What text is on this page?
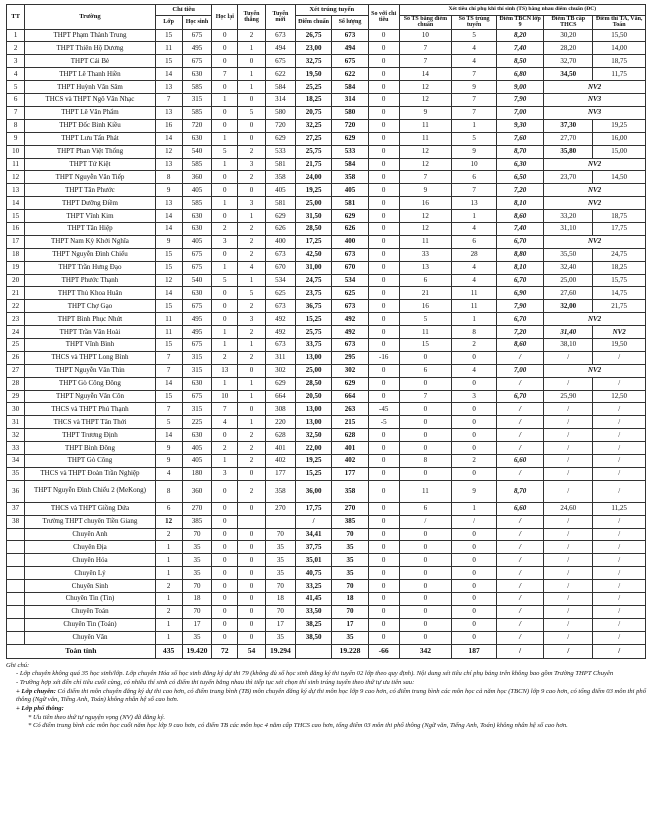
TT	Trường	Chỉ tiêu		Học lại	Tuyển thẳng	Tuyển mới	Xét trúng tuyển		So với chỉ tiêu	Xét tiêu chí phụ khi thí sinh (TS) bằng nhau điểm chuẩn (ĐC)				
		Lớp	Học sinh				Điểm chuẩn	Số lượng		Số TS bằng điểm chuẩn	Số TS trúng tuyển	Điểm TBCN lớp 9	Điểm TB cấp THCS	Điểm thi TA, Văn, Toán
1	THPT Phạm Thành Trung	15	675	0	2	673	26,75	673	0	10	5	8,20	30,20	15,50
2	THPT Thiên Hộ Dương	11	495	0	1	494	23,00	494	0	7	4	7,40	28,20	14,00
3	THPT Cái Bè	15	675	0	0	675	32,75	675	0	7	4	8,50	32,70	18,75
4	THPT Lê Thanh Hiền	14	630	7	1	622	19,50	622	0	14	7	6,80	34,50	11,75
5	THPT Huỳnh Văn Sâm	13	585	0	1	584	25,25	584	0	12	9	9,00	NV2	
6	THCS và THPT Ngô Văn Nhạc	7	315	1	0	314	18,25	314	0	12	7	7,90	NV3	
7	THPT Lê Văn Phẩm	13	585	0	5	580	20,75	580	0	9	7	7,00	NV3	
8	THPT Đốc Binh Kiều	16	720	0	0	720	32,25	720	0	11	1	9,30	37,30	19,25
9	THPT Lưu Tấn Phát	14	630	1	0	629	27,25	629	0	11	5	7,60	27,70	16,00
10	THPT Phan Việt Thống	12	540	5	2	533	25,75	533	0	12	9	8,70	35,80	15,00
11	THPT Tứ Kiệt	13	585	1	3	581	21,75	584	0	12	10	6,30	NV2	
12	THPT Nguyễn Văn Tiếp	8	360	0	2	358	24,00	358	0	7	6	6,50	23,70	14,50
13	THPT Tân Phước	9	405	0	0	405	19,25	405	0	9	7	7,20	NV2	
14	THPT Dưỡng Điềm	13	585	1	3	581	25,00	581	0	16	13	8,10	NV2	
15	THPT Vĩnh Kim	14	630	0	1	629	31,50	629	0	12	1	8,60	33,20	18,75
16	THPT Tân Hiệp	14	630	2	2	626	28,50	626	0	12	4	7,40	31,10	17,75
17	THPT Nam Kỳ Khởi Nghĩa	9	405	3	2	400	17,25	400	0	11	6	6,70	NV2	
18	THPT Nguyễn Đình Chiểu	15	675	0	2	673	42,50	673	0	33	28	8,80	35,50	24,75
19	THPT Trần Hưng Đạo	15	675	1	4	670	31,00	670	0	13	4	8,10	32,40	18,25
20	THPT Phước Thạnh	12	540	5	1	534	24,75	534	0	6	4	6,70	25,00	15,75
21	THPT Thủ Khoa Huân	14	630	0	5	625	23,75	625	0	21	11	6,90	27,60	14,75
22	THPT Chợ Gạo	15	675	0	2	673	36,75	673	0	16	11	7,90	32,00	21,75
23	THPT Bình Phục Nhứt	11	495	0	3	492	15,25	492	0	5	1	6,70	NV2	
24	THPT Trần Văn Hoài	11	495	1	2	492	25,75	492	0	11	8	7,20	31,40	NV2
25	THPT Vĩnh Bình	15	675	1	1	673	33,75	673	0	15	2	8,60	38,10	19,50
26	THCS và THPT Long Bình	7	315	2	2	311	13,00	295	-16	0	0	/	/	/
27	THPT Nguyễn Văn Thìn	7	315	13	0	302	25,00	302	0	6	4	7,00	NV2	
28	THPT Gò Công Đông	14	630	1	1	629	28,50	629	0	0	0	/	/	/
29	THPT Nguyễn Văn Côn	15	675	10	1	664	20,50	664	0	7	3	6,70	25,90	12,50
30	THCS và THPT Phú Thạnh	7	315	7	0	308	13,00	263	-45	0	0	/	/	/
31	THCS và THPT Tân Thới	5	225	4	1	220	13,00	215	-5	0	0	/	/	/
32	THPT Trương Định	14	630	0	2	628	32,50	628	0	0	0	/	/	/
33	THPT Bình Đông	9	405	2	2	401	22,00	401	0	0	0	/	/	/
34	THPT Gò Công	9	405	1	2	402	19,25	402	0	8	2	6,60	/	/
35	THCS và THPT Đoàn Trần Nghiệp	4	180	3	0	177	15,25	177	0	0	0	/	/	/
36	THPT Nguyễn Đình Chiểu 2 (MeKong)	8	360	0	2	358	36,00	358	0	11	9	8,70	/	/
37	THCS và THPT Giồng Dứa	6	270	0	0	270	17,75	270	0	6	1	6,60	24,60	11,25
38	Trường THPT chuyên Tiền Giang	12	385	0			/	385	0	/	/	/	/	/
	Chuyên Anh	2	70	0	0	70	34,41	70	0	0	0	/	/	/
	Chuyên Địa	1	35	0	0	35	37,75	35	0	0	0	/	/	/
	Chuyên Hóa	1	35	0	0	35	35,01	35	0	0	0	/	/	/
	Chuyên Lý	1	35	0	0	35	40,75	35	0	0	0	/	/	/
	Chuyên Sinh	2	70	0	0	70	33,25	70	0	0	0	/	/	/
	Chuyên Tin (Tin)	1	18	0	0	18	41,45	18	0	0	0	/	/	/
	Chuyên Toán	2	70	0	0	70	33,50	70	0	0	0	/	/	/
	Chuyên Tin (Toán)	1	17	0	0	17	38,25	17	0	0	0	/	/	/
	Chuyên Văn	1	35	0	0	35	38,50	35	0	0	0	/	/	/
Toàn tỉnh		435	19.420	72	54	19.294		19.228	-66	342	187	/	/	/
Ghi chú:
- Lớp chuyên không quá 35 học sinh/lớp. Lớp chuyên Hóa số học sinh đăng ký dự thi 79 (không đủ số học sinh đăng ký thi tuyển 02 lớp theo quy định). Nội dung xét tiêu chí phụ bảng trên không bao gồm Trường THPT Chuyên
- Trường hợp xét đến chỉ tiêu cuối cùng, có nhiều thí sinh có điểm thi tuyển bằng nhau thì tiếp tục xét chọn thí sinh trúng tuyển theo thứ tự ưu tiên sau:
+ Lớp chuyên: Có điểm thi môn chuyên đăng ký dự thi cao hơn, có điểm trung bình (TB) môn chuyên đăng ký dự thi môn học lớp 9 cao hơn, có điểm trung bình các môn học cả năm học (TBCN) lớp 9 cao hơn, có tổng điểm 03 môn thi phổ thông (Ngữ văn, Tiếng Anh, Toán) không nhân hệ số cao hơn.
+ Lớp phổ thông:
* Ưu tiên theo thứ tự nguyện vọng (NV) đã đăng ký.
* Có điểm trung bình các môn học cuối năm học lớp 9 cao hơn, có điểm TB các môn học 4 năm cấp THCS cao hơn, tổng điểm 03 môn thi phổ thông (Ngữ văn, Tiếng Anh, Toán) không nhân hệ số cao hơn.
